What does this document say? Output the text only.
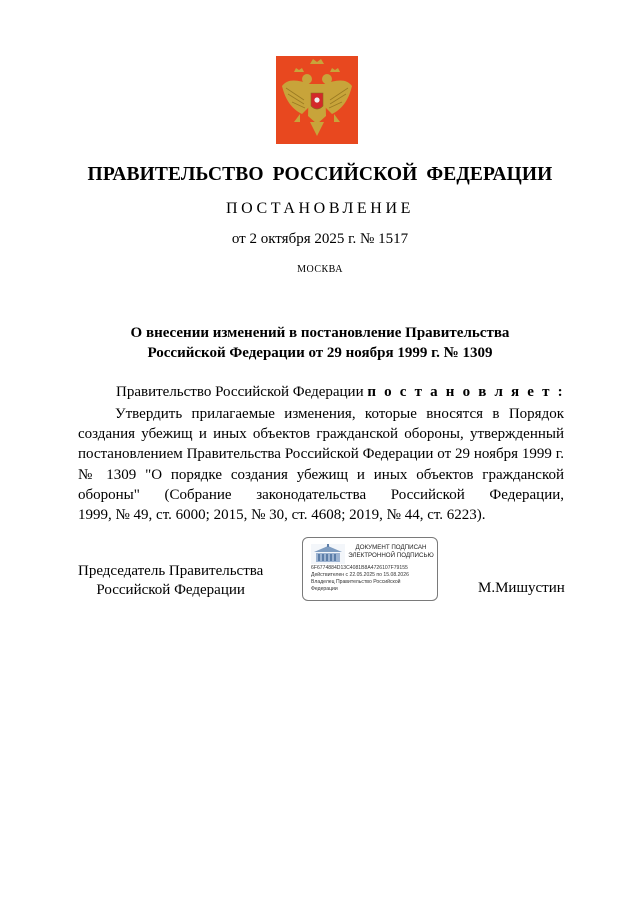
ПРАВИТЕЛЬСТВО РОССИЙСКОЙ ФЕДЕРАЦИИ
ПОСТАНОВЛЕНИЕ
от 2 октября 2025 г. № 1517
МОСКВА
О внесении изменений в постановление Правительства
Российской Федерации от 29 ноября 1999 г. № 1309
Правительство Российской Федерации п о с т а н о в л я е т :
Утвердить прилагаемые изменения, которые вносятся в Порядок
создания убежищ и иных объектов гражданской обороны, утвержденный
постановлением Правительства Российской Федерации от 29 ноября 1999 г.
№ 1309 "О порядке создания убежищ и иных объектов гражданской
обороны" (Собрание законодательства Российской Федерации,
1999, № 49, ст. 6000; 2015, № 30, ст. 4608; 2019, № 44, ст. 6223).
Председатель Правительства
Российской Федерации
ДОКУМЕНТ ПОДПИСАН
ЭЛЕКТРОННОЙ ПОДПИСЬЮ
6F6774884D13C4081B8A4726107F79155
Действителен с 22.05.2025 по 15.08.2026
Владелец Правительство Российской
Федерации	М.Мишустин
